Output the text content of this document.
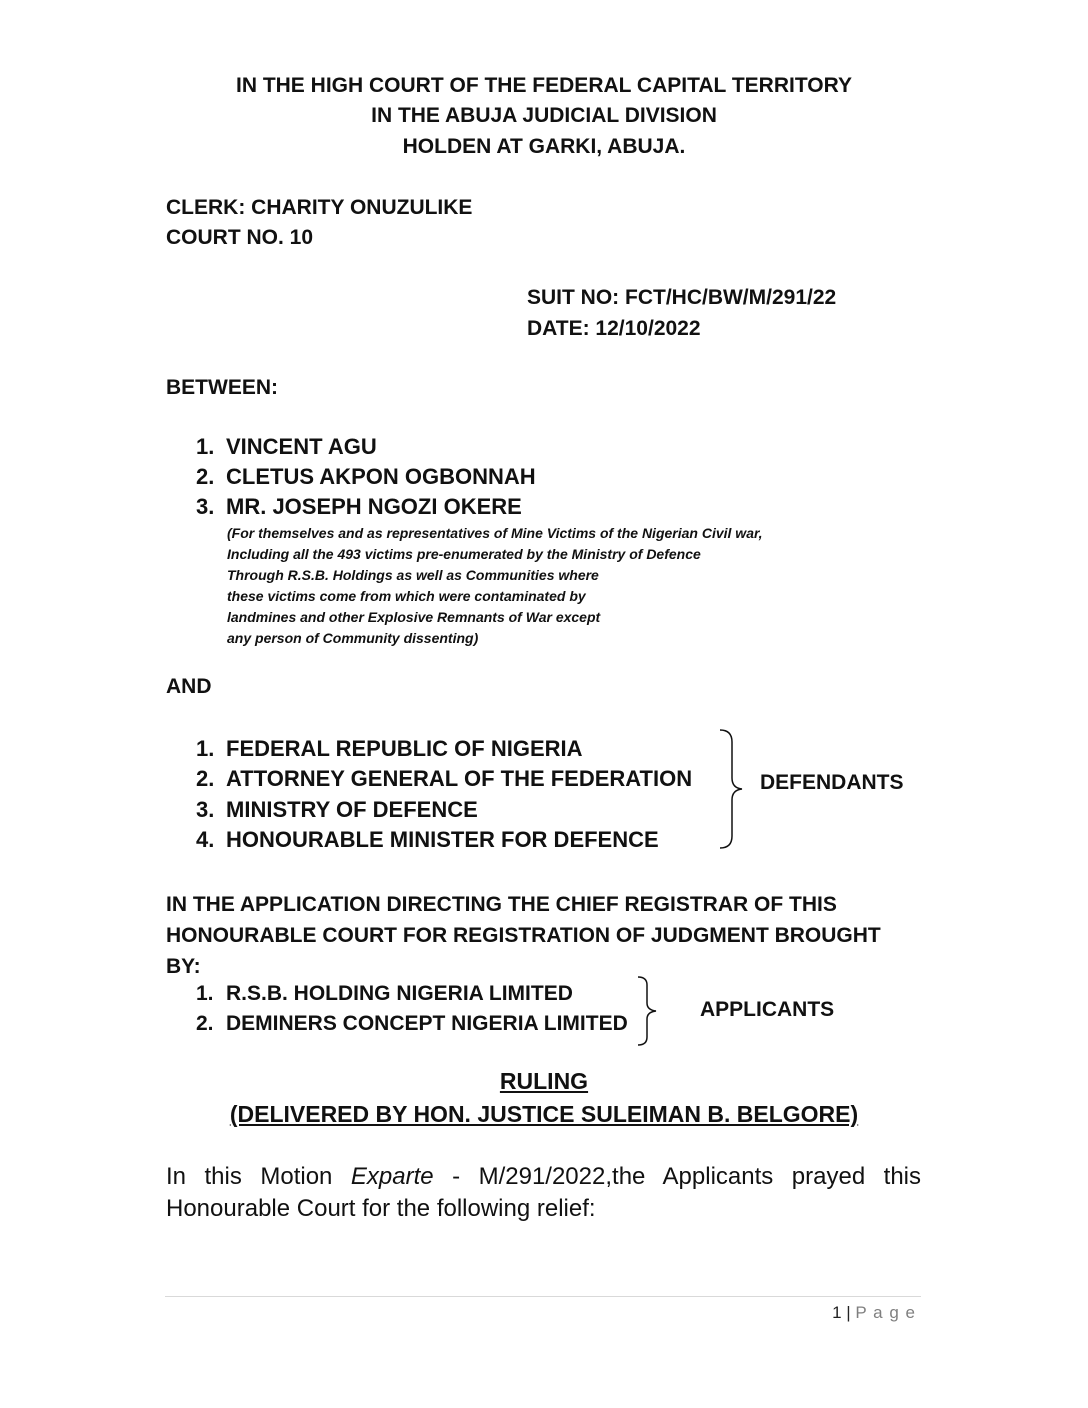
IN THE HIGH COURT OF THE FEDERAL CAPITAL TERRITORY
IN THE ABUJA JUDICIAL DIVISION
HOLDEN AT GARKI, ABUJA.
CLERK: CHARITY ONUZULIKE
COURT NO. 10
SUIT NO: FCT/HC/BW/M/291/22
DATE: 12/10/2022
BETWEEN:
1. VINCENT AGU
2. CLETUS AKPON OGBONNAH
3. MR. JOSEPH NGOZI OKERE
(For themselves and as representatives of Mine Victims of the Nigerian Civil war,
Including all the 493 victims pre-enumerated by the Ministry of Defence
Through R.S.B. Holdings as well as Communities where
these victims come from which were contaminated by
landmines and other Explosive Remnants of War except
any person of Community dissenting)
AND
1. FEDERAL REPUBLIC OF NIGERIA
2. ATTORNEY GENERAL OF THE FEDERATION
3. MINISTRY OF DEFENCE
4. HONOURABLE MINISTER FOR DEFENCE
DEFENDANTS
IN THE APPLICATION DIRECTING THE CHIEF REGISTRAR OF THIS
HONOURABLE COURT FOR REGISTRATION OF JUDGMENT BROUGHT
BY:
1. R.S.B. HOLDING NIGERIA LIMITED
2. DEMINERS CONCEPT NIGERIA LIMITED
APPLICANTS
RULING
(DELIVERED BY HON. JUSTICE SULEIMAN B. BELGORE)
In this Motion Exparte - M/291/2022,the Applicants prayed this Honourable Court for the following relief:
1 | P a g e
